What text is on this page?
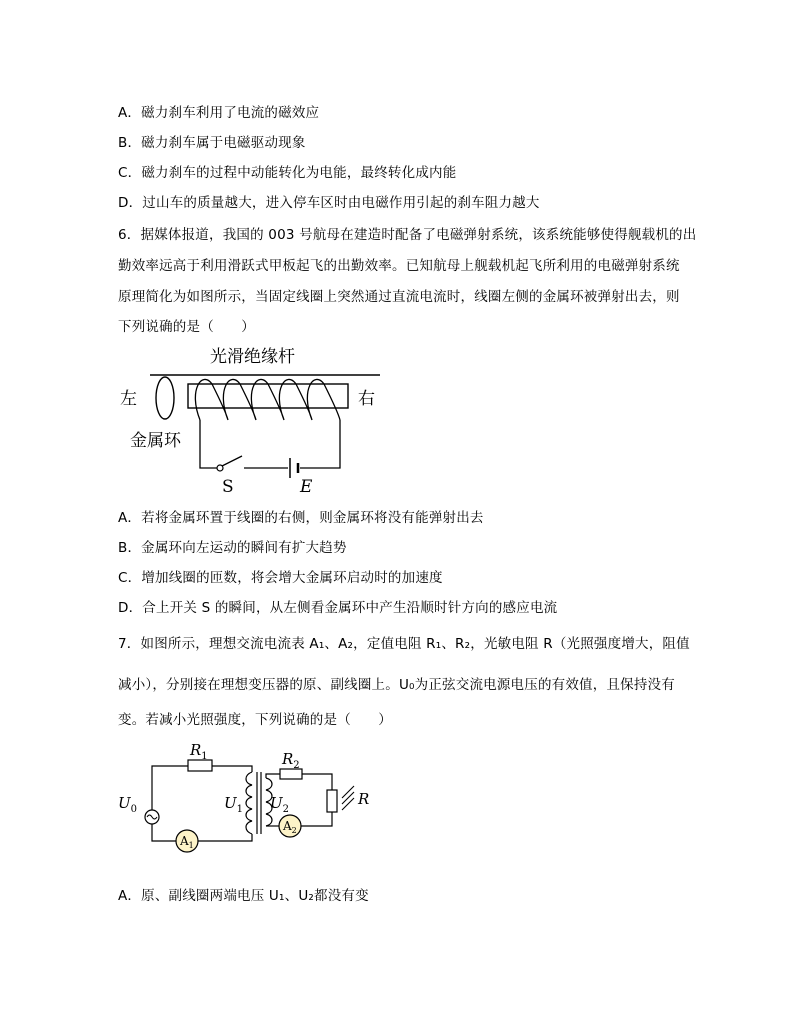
A．磁力刹车利用了电流的磁效应
B．磁力刹车属于电磁驱动现象
C．磁力刹车的过程中动能转化为电能，最终转化成内能
D．过山车的质量越大，进入停车区时由电磁作用引起的刹车阻力越大
6．据媒体报道，我国的 003 号航母在建造时配备了电磁弹射系统，该系统能够使得舰载机的出
勤效率远高于利用滑跃式甲板起飞的出勤效率。已知航母上舰载机起飞所利用的电磁弹射系统
原理简化为如图所示，当固定线圈上突然通过直流电流时，线圈左侧的金属环被弹射出去，则
下列说确的是（　　）
光滑绝缘杆
左	右
金属环
S	E
A．若将金属环置于线圈的右侧，则金属环将没有能弹射出去
B．金属环向左运动的瞬间有扩大趋势
C．增加线圈的匝数，将会增大金属环启动时的加速度
D．合上开关 S 的瞬间，从左侧看金属环中产生沿顺时针方向的感应电流
7．如图所示，理想交流电流表 A₁、A₂，定值电阻 R₁、R₂，光敏电阻 R（光照强度增大，阻值
减小），分别接在理想变压器的原、副线圈上。U₀为正弦交流电源电压的有效值，且保持没有
变。若减小光照强度，下列说确的是（　　）
$R_1$	$R_2$
$U_0$	$U_1$ $U_2$
R
$A_1$
$A_2$
A．原、副线圈两端电压 U₁、U₂都没有变
